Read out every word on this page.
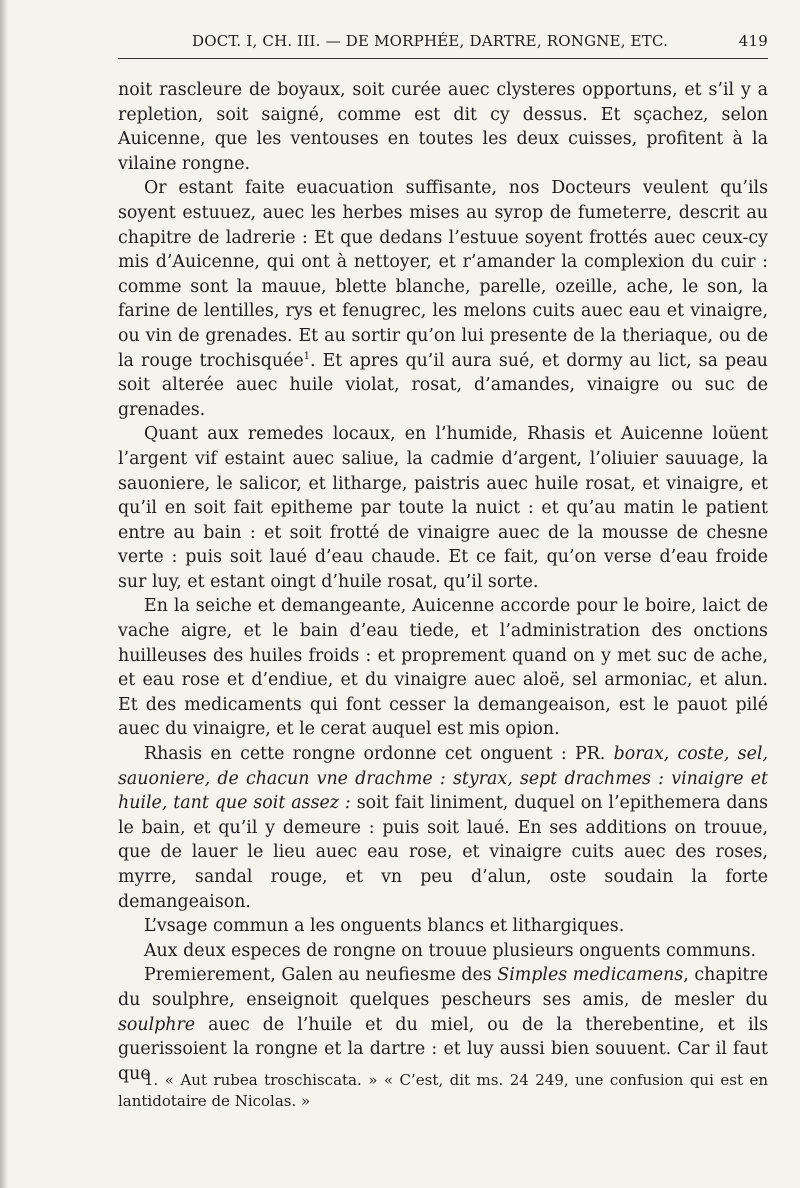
DOCT. I, CH. III. — DE MORPHÉE, DARTRE, RONGNE, ETC.	419

noit rascleure de boyaux, soit curée auec clysteres opportuns, et s’il y a repletion, soit saigné, comme est dit cy dessus. Et sçachez, selon Auicenne, que les ventouses en toutes les deux cuisses, profitent à la vilaine rongne.

Or estant faite euacuation suffisante, nos Docteurs veulent qu’ils soyent estuuez, auec les herbes mises au syrop de fumeterre, descrit au chapitre de ladrerie : Et que dedans l’estuue soyent frottés auec ceux-cy mis d’Auicenne, qui ont à nettoyer, et r’amander la complexion du cuir : comme sont la mauue, blette blanche, parelle, ozeille, ache, le son, la farine de lentilles, rys et fenugrec, les melons cuits auec eau et vinaigre, ou vin de grenades. Et au sortir qu’on lui presente de la theriaque, ou de la rouge trochisquée$^1$. Et apres qu’il aura sué, et dormy au lict, sa peau soit alterée auec huile violat, rosat, d’amandes, vinaigre ou suc de grenades.

Quant aux remedes locaux, en l’humide, Rhasis et Auicenne loüent l’argent vif estaint auec saliue, la cadmie d’argent, l’oliuier sauuage, la sauoniere, le salicor, et litharge, paistris auec huile rosat, et vinaigre, et qu’il en soit fait epitheme par toute la nuict : et qu’au matin le patient entre au bain : et soit frotté de vinaigre auec de la mousse de chesne verte : puis soit laué d’eau chaude. Et ce fait, qu’on verse d’eau froide sur luy, et estant oingt d’huile rosat, qu’il sorte.

En la seiche et demangeante, Auicenne accorde pour le boire, laict de vache aigre, et le bain d’eau tiede, et l’administration des onctions huilleuses des huiles froids : et proprement quand on y met suc de ache, et eau rose et d’endiue, et du vinaigre auec aloë, sel armoniac, et alun. Et des medicaments qui font cesser la demangeaison, est le pauot pilé auec du vinaigre, et le cerat auquel est mis opion.

Rhasis en cette rongne ordonne cet onguent : PR. borax, coste, sel, sauoniere, de chacun vne drachme : styrax, sept drachmes : vinaigre et huile, tant que soit assez : soit fait liniment, duquel on l’epithemera dans le bain, et qu’il y demeure : puis soit laué. En ses additions on trouue, que de lauer le lieu auec eau rose, et vinaigre cuits auec des roses, myrre, sandal rouge, et vn peu d’alun, oste soudain la forte demangeaison.

L’vsage commun a les onguents blancs et lithargiques.

Aux deux especes de rongne on trouue plusieurs onguents communs.

Premierement, Galen au neufiesme des Simples medicamens, chapitre du soulphre, enseignoit quelques pescheurs ses amis, de mesler du soulphre auec de l’huile et du miel, ou de la therebentine, et ils guerissoient la rongne et la dartre : et luy aussi bien souuent. Car il faut que

1. « Aut rubea troschiscata. » « C’est, dit ms. 24 249, une confusion qui est en lantidotaire de Nicolas. »
